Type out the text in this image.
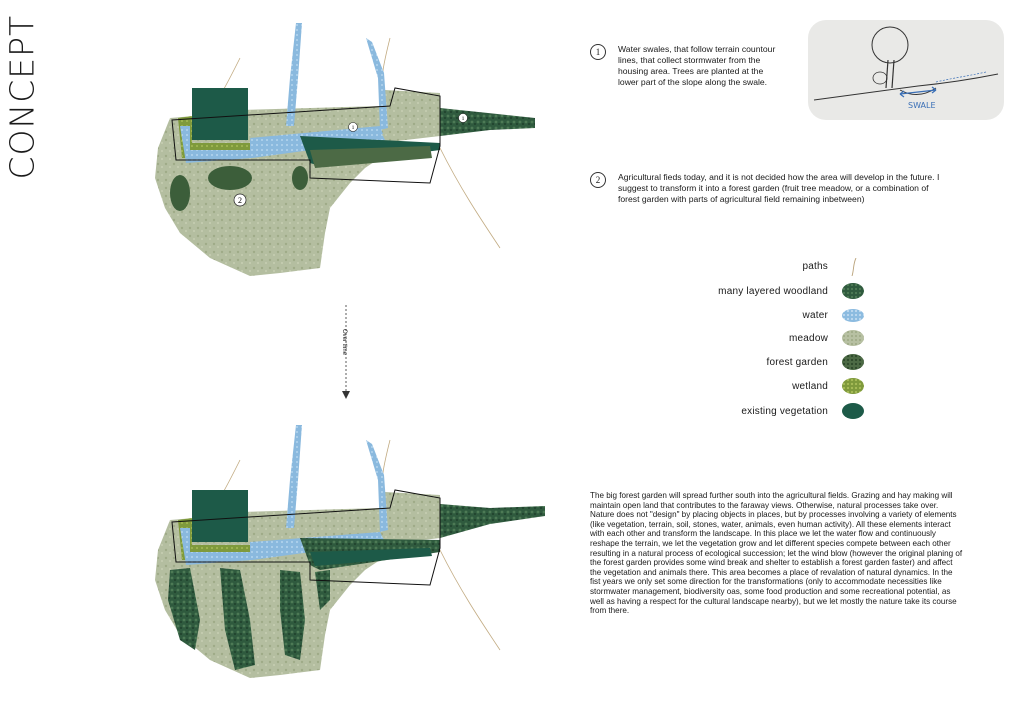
CONCEPT	1
1
2
1	Water swales, that follow terrain countour lines, that collect stormwater from the housing area. Trees are planted at the lower part of the slope along the swale.
2	Agricultural fieds today, and it is not decided how the area will develop in the future. I suggest to transform it into a forest garden (fruit tree meadow, or a combination of forest garden with parts of agricultural field remaining inbetween)
SWALE
Over time
paths
many layered woodland
water
meadow
forest garden
wetland
existing vegetation
The big forest garden will spread further south into the agricultural fields. Grazing and hay making will maintain open land that contributes to the faraway views. Otherwise, natural processes take over. Nature does not "design" by placing objects in places, but by processes involving a variety of elements (like vegetation, terrain, soil, stones, water, animals, even human activity). All these elements interact with each other and transform the landscape. In this place we let the water flow and continuously reshape the terrain, we let the vegetation grow and let different species compete between each other resulting in a natural process of ecological succession; let the wind blow (however the original planing of the forest garden provides some wind break and shelter to establish a forest garden faster) and affect the vegetation and animals there. This area becomes a place of revalation of natural dynamics. In the fist years we only set some direction for the transformations (only to accommodate necessities like stormwater management, biodiversity oas, some food production and some recreational potential, as well as having a respect for the cultural landscape nearby), but we let mostly the nature take its course from there.
